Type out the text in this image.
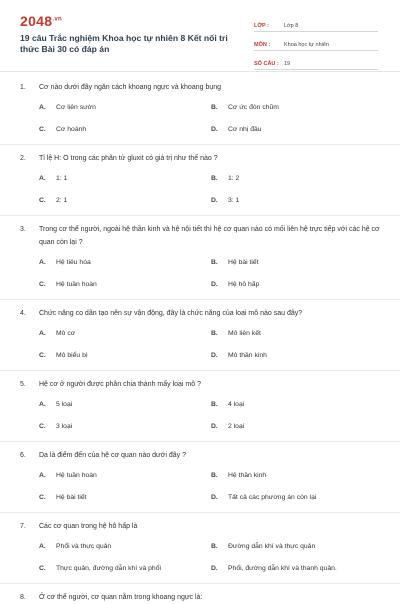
$2048^{.vn}$
19 câu Trắc nghiệm Khoa học tự nhiên 8 Kết nối tri thức Bài 30 có đáp án
LỚP :	Lớp 8
MÔN :	Khoa học tự nhiên
SỐ CÂU : 19
1.	Cơ nào dưới đây ngăn cách khoang ngực và khoang bụng
A.	Cơ liên sườn	B.	Cơ ức đòn chũm
C.	Cơ hoành	D.	Cơ nhị đầu
2.	Tỉ lệ H: O trong các phân tử gluxit có giá trị như thế nào ?
A.	1: 1	B.	1: 2
C.	2: 1	D.	3: 1
3.	Trong cơ thể người, ngoài hệ thần kinh và hệ nội tiết thì hệ cơ quan nào có mối liên hệ trực tiếp với các hệ cơ quan còn lại ?
A.	Hệ tiêu hóa	B.	Hệ bài tiết
C.	Hệ tuần hoàn	D.	Hệ hô hấp
4.	Chức năng co dãn tạo nên sự vận động, đây là chức năng của loại mô nào sau đây?
A.	Mô cơ	B.	Mô liên kết
C.	Mô biểu bì	D.	Mô thần kinh
5.	Hệ cơ ở người được phân chia thành mấy loại mô ?
A.	5 loại	B.	4 loại
C.	3 loại	D.	2 loại
6.	Da là điểm đến của hệ cơ quan nào dưới đây ?
A.	Hệ tuần hoàn	B.	Hệ thần kinh
C.	Hệ bài tiết	D.	Tất cả các phương án còn lại
7.	Các cơ quan trong hệ hô hấp là
A.	Phổi và thực quản	B.	Đường dẫn khí và thực quản
C.	Thực quản, đường dẫn khí và phổi	D.	Phổi, đường dẫn khí và thanh quản.
8.	Ở cơ thể người, cơ quan nằm trong khoang ngực là:
